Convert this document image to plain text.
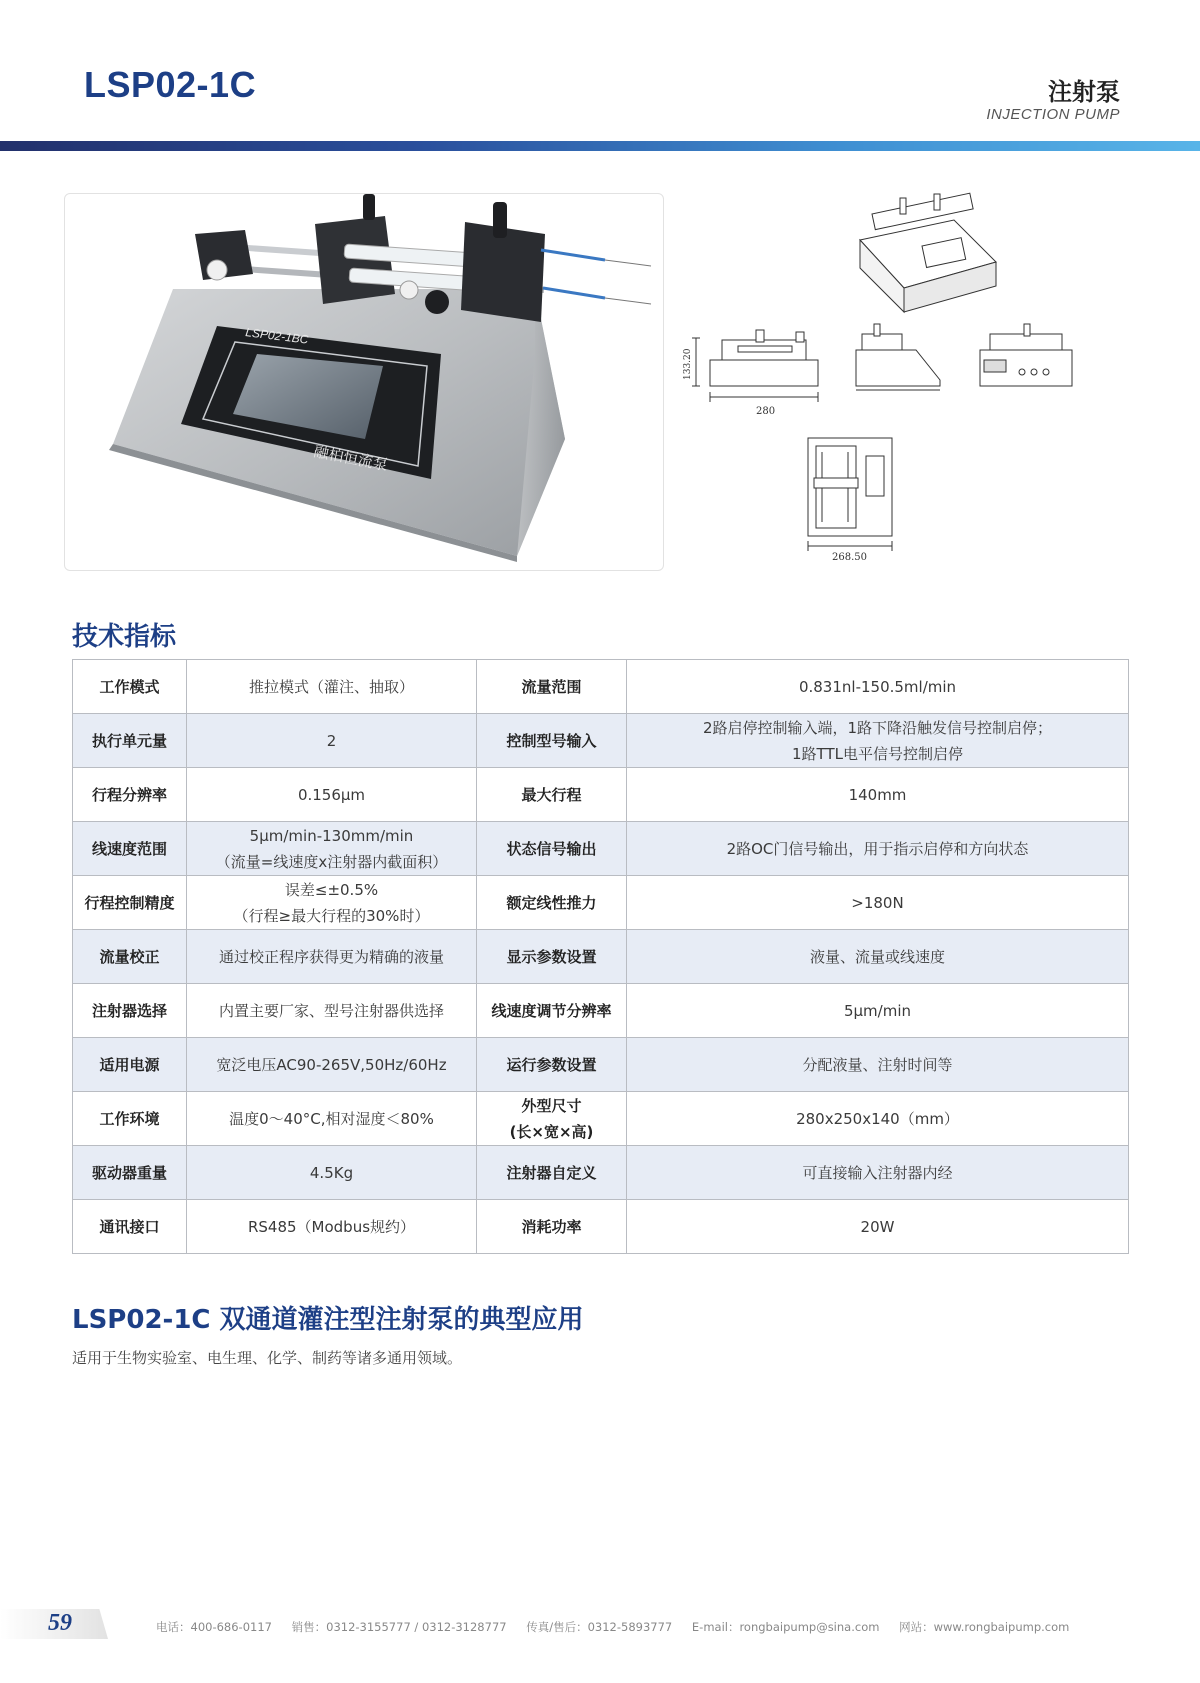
LSP02-1C	注射泵
INJECTION PUMP
LSP02-1BC
融柏恒流泵
280
133.20
268.50
技术指标
工作模式	推拉模式（灌注、抽取）	流量范围	0.831nl-150.5ml/min

执行单元量	2	控制型号输入	2路启停控制输入端，1路下降沿触发信号控制启停；
1路TTL电平信号控制启停

行程分辨率	0.156μm	最大行程	140mm

线速度范围	5μm/min-130mm/min
（流量=线速度x注射器内截面积）	状态信号输出	2路OC门信号输出，用于指示启停和方向状态

行程控制精度	误差≤±0.5%
（行程≥最大行程的30%时）	额定线性推力	>180N

流量校正	通过校正程序获得更为精确的液量	显示参数设置	液量、流量或线速度

注射器选择	内置主要厂家、型号注射器供选择	线速度调节分辨率	5μm/min

适用电源	宽泛电压AC90-265V,50Hz/60Hz	运行参数设置	分配液量、注射时间等

工作环境	温度0～40°C,相对湿度＜80%	外型尺寸
(长×宽×高)	280x250x140（mm）

驱动器重量	4.5Kg	注射器自定义	可直接输入注射器内经

通讯接口	RS485（Modbus规约）	消耗功率	20W
LSP02-1C 双通道灌注型注射泵的典型应用
适用于生物实验室、电生理、化学、制药等诸多通用领域。
59	电话：400-686-0117 销售：0312-3155777 / 0312-3128777 传真/售后：0312-5893777 E-mail：rongbaipump@sina.com 网站：www.rongbaipump.com
